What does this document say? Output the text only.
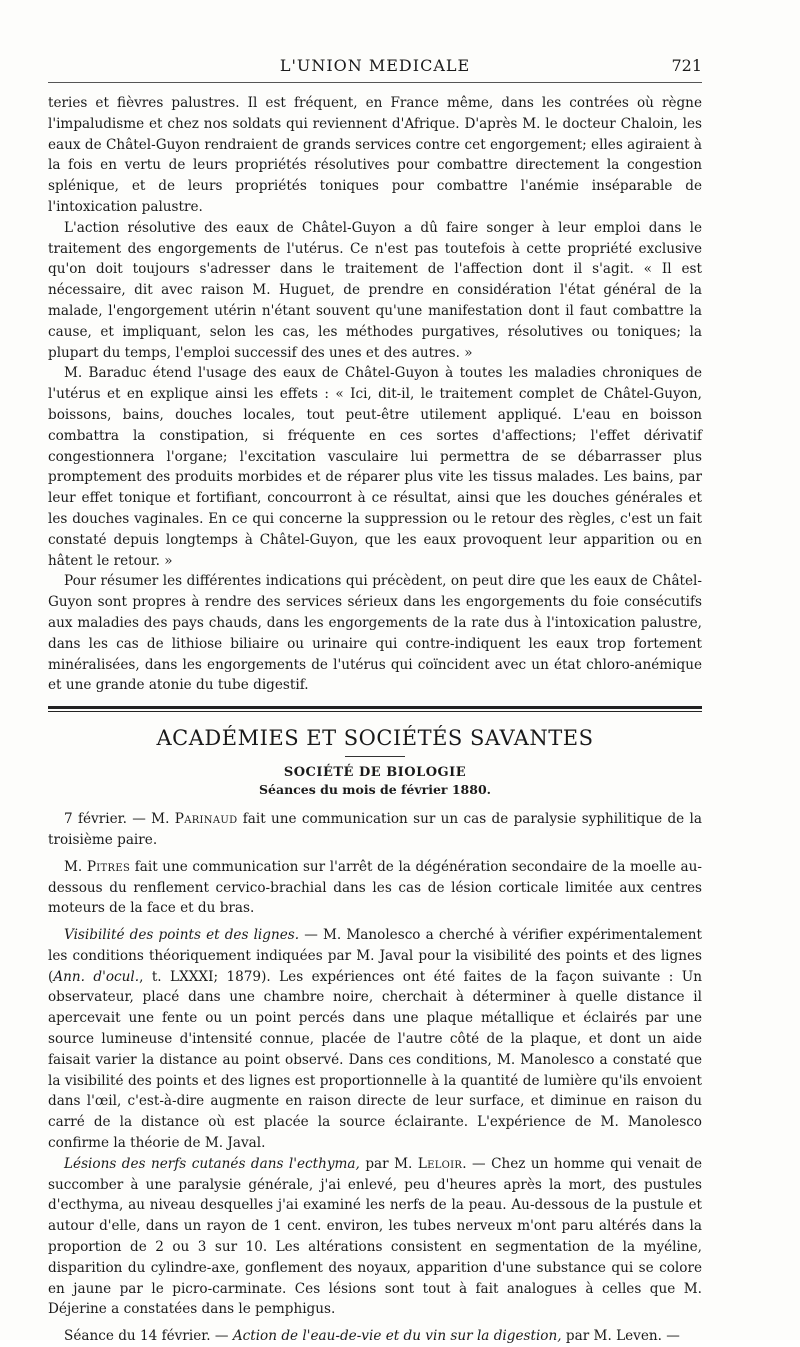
L'UNION MEDICALE	721

teries et fièvres palustres. Il est fréquent, en France même, dans les contrées où règne l'impaludisme et chez nos soldats qui reviennent d'Afrique. D'après M. le docteur Chaloin, les eaux de Châtel-Guyon rendraient de grands services contre cet engorgement; elles agiraient à la fois en vertu de leurs propriétés résolutives pour combattre directement la congestion splénique, et de leurs propriétés toniques pour combattre l'anémie inséparable de l'intoxication palustre.

L'action résolutive des eaux de Châtel-Guyon a dû faire songer à leur emploi dans le traitement des engorgements de l'utérus. Ce n'est pas toutefois à cette propriété exclusive qu'on doit toujours s'adresser dans le traitement de l'affection dont il s'agit. « Il est nécessaire, dit avec raison M. Huguet, de prendre en considération l'état général de la malade, l'engorgement utérin n'étant souvent qu'une manifestation dont il faut combattre la cause, et impliquant, selon les cas, les méthodes purgatives, résolutives ou toniques; la plupart du temps, l'emploi successif des unes et des autres. »

M. Baraduc étend l'usage des eaux de Châtel-Guyon à toutes les maladies chroniques de l'utérus et en explique ainsi les effets : « Ici, dit-il, le traitement complet de Châtel-Guyon, boissons, bains, douches locales, tout peut-être utilement appliqué. L'eau en boisson combattra la constipation, si fréquente en ces sortes d'affections; l'effet dérivatif congestionnera l'organe; l'excitation vasculaire lui permettra de se débarrasser plus promptement des produits morbides et de réparer plus vite les tissus malades. Les bains, par leur effet tonique et fortifiant, concourront à ce résultat, ainsi que les douches générales et les douches vaginales. En ce qui concerne la suppression ou le retour des règles, c'est un fait constaté depuis longtemps à Châtel-Guyon, que les eaux provoquent leur apparition ou en hâtent le retour. »

Pour résumer les différentes indications qui précèdent, on peut dire que les eaux de Châtel-Guyon sont propres à rendre des services sérieux dans les engorgements du foie consécutifs aux maladies des pays chauds, dans les engorgements de la rate dus à l'intoxication palustre, dans les cas de lithiose biliaire ou urinaire qui contre-indiquent les eaux trop fortement minéralisées, dans les engorgements de l'utérus qui coïncident avec un état chloro-anémique et une grande atonie du tube digestif.

ACADÉMIES ET SOCIÉTÉS SAVANTES
SOCIÉTÉ DE BIOLOGIE
Séances du mois de février 1880.

7 février. — M. Parinaud fait une communication sur un cas de paralysie syphilitique de la troisième paire.

M. Pitres fait une communication sur l'arrêt de la dégénération secondaire de la moelle au-dessous du renflement cervico-brachial dans les cas de lésion corticale limitée aux centres moteurs de la face et du bras.

Visibilité des points et des lignes. — M. Manolesco a cherché à vérifier expérimentalement les conditions théoriquement indiquées par M. Javal pour la visibilité des points et des lignes (Ann. d'ocul., t. LXXXI; 1879). Les expériences ont été faites de la façon suivante : Un observateur, placé dans une chambre noire, cherchait à déterminer à quelle distance il apercevait une fente ou un point percés dans une plaque métallique et éclairés par une source lumineuse d'intensité connue, placée de l'autre côté de la plaque, et dont un aide faisait varier la distance au point observé. Dans ces conditions, M. Manolesco a constaté que la visibilité des points et des lignes est proportionnelle à la quantité de lumière qu'ils envoient dans l'œil, c'est-à-dire augmente en raison directe de leur surface, et diminue en raison du carré de la distance où est placée la source éclairante. L'expérience de M. Manolesco confirme la théorie de M. Javal.

Lésions des nerfs cutanés dans l'ecthyma, par M. Leloir. — Chez un homme qui venait de succomber à une paralysie générale, j'ai enlevé, peu d'heures après la mort, des pustules d'ecthyma, au niveau desquelles j'ai examiné les nerfs de la peau. Au-dessous de la pustule et autour d'elle, dans un rayon de 1 cent. environ, les tubes nerveux m'ont paru altérés dans la proportion de 2 ou 3 sur 10. Les altérations consistent en segmentation de la myéline, disparition du cylindre-axe, gonflement des noyaux, apparition d'une substance qui se colore en jaune par le picro-carminate. Ces lésions sont tout à fait analogues à celles que M. Déjerine a constatées dans le pemphigus.

Séance du 14 février. — Action de l'eau-de-vie et du vin sur la digestion, par M. Leven. —
